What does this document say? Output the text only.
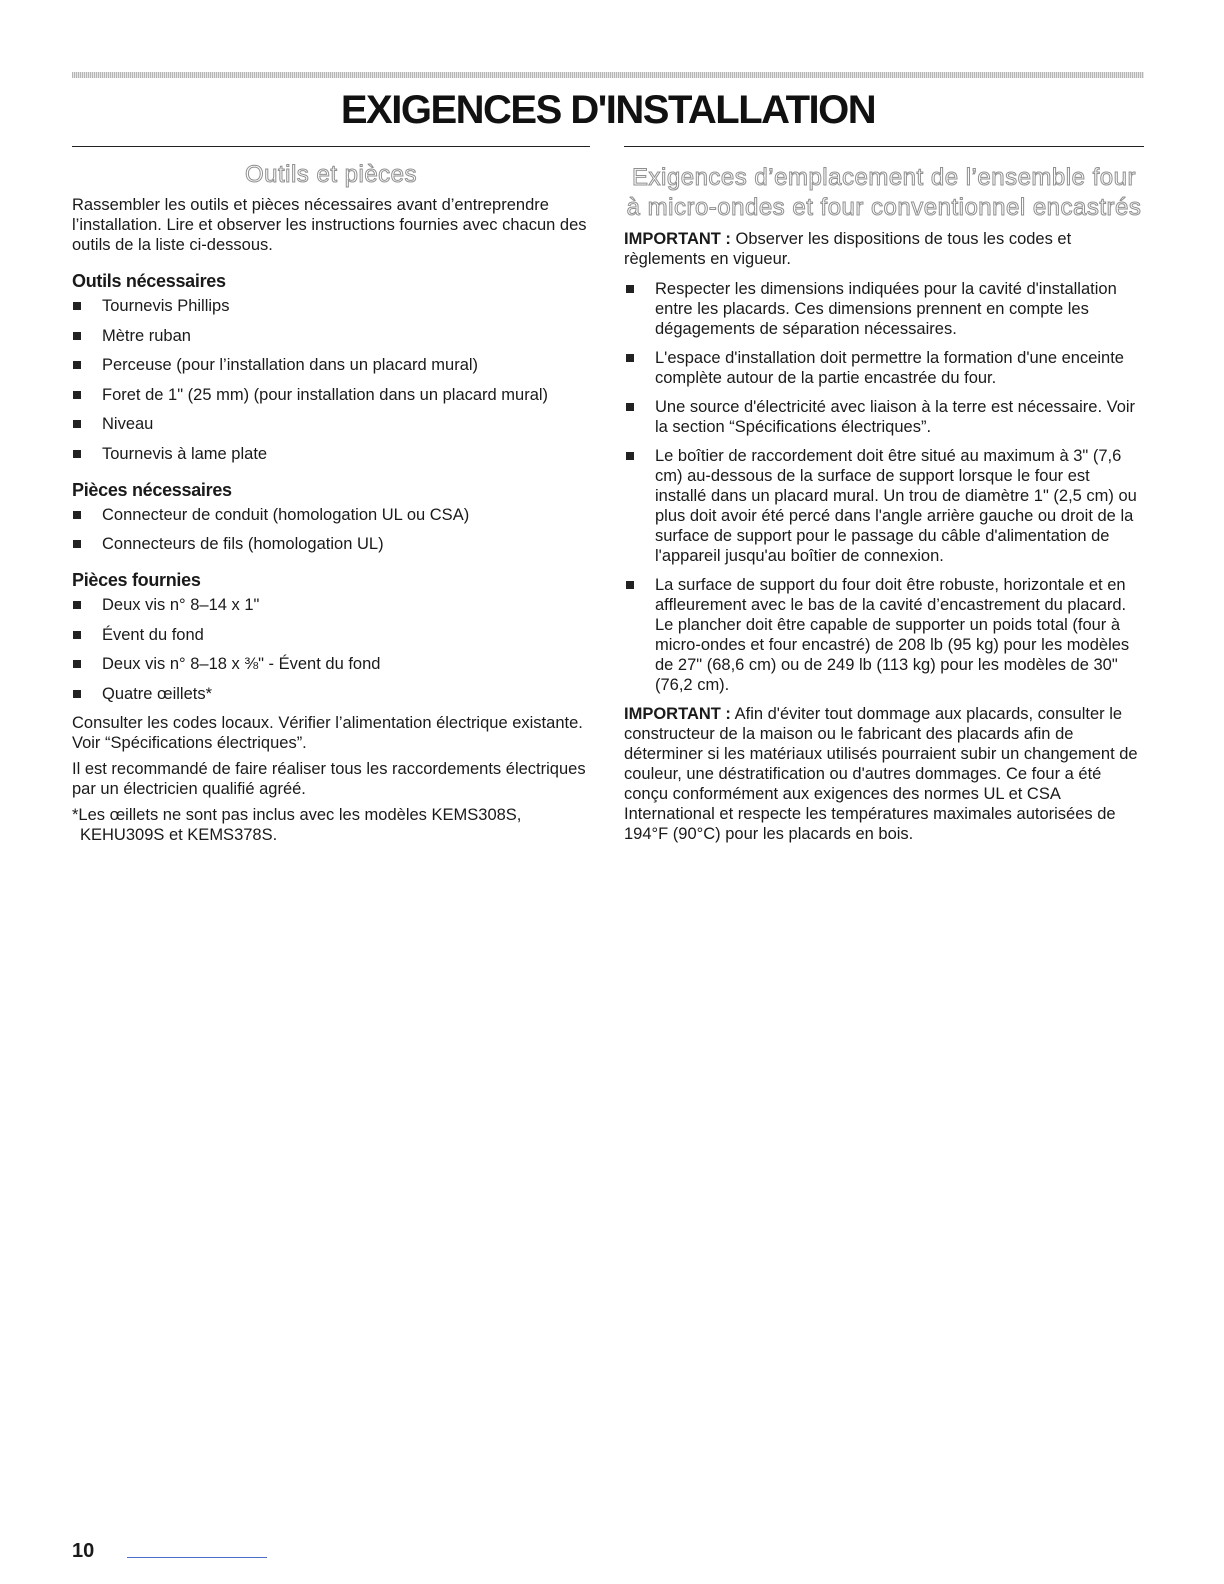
EXIGENCES D'INSTALLATION
Outils et pièces

Rassembler les outils et pièces nécessaires avant d’entreprendre l’installation. Lire et observer les instructions fournies avec chacun des outils de la liste ci-dessous.

Outils nécessaires
Tournevis Phillips
Mètre ruban
Perceuse (pour l’installation dans un placard mural)
Foret de 1" (25 mm) (pour installation dans un placard mural)
Niveau
Tournevis à lame plate
Pièces nécessaires
Connecteur de conduit (homologation UL ou CSA)
Connecteurs de fils (homologation UL)
Pièces fournies
Deux vis n° 8–14 x 1"
Évent du fond
Deux vis n° 8–18 x ⅜" - Évent du fond
Quatre œillets*

Consulter les codes locaux. Vérifier l’alimentation électrique existante. Voir “Spécifications électriques”.

Il est recommandé de faire réaliser tous les raccordements électriques par un électricien qualifié agréé.

*Les œillets ne sont pas inclus avec les modèles KEMS308S, KEHU309S et KEMS378S.

Exigences d’emplacement de l’ensemble four à micro-ondes et four conventionnel encastrés

IMPORTANT : Observer les dispositions de tous les codes et règlements en vigueur.

Respecter les dimensions indiquées pour la cavité d'installation entre les placards. Ces dimensions prennent en compte les dégagements de séparation nécessaires.
L'espace d'installation doit permettre la formation d'une enceinte complète autour de la partie encastrée du four.
Une source d'électricité avec liaison à la terre est nécessaire. Voir la section “Spécifications électriques”.
Le boîtier de raccordement doit être situé au maximum à 3" (7,6 cm) au-dessous de la surface de support lorsque le four est installé dans un placard mural. Un trou de diamètre 1" (2,5 cm) ou plus doit avoir été percé dans l'angle arrière gauche ou droit de la surface de support pour le passage du câble d'alimentation de l'appareil jusqu'au boîtier de connexion.
La surface de support du four doit être robuste, horizontale et en affleurement avec le bas de la cavité d’encastrement du placard. Le plancher doit être capable de supporter un poids total (four à micro-ondes et four encastré) de 208 lb (95 kg) pour les modèles de 27" (68,6 cm) ou de 249 lb (113 kg) pour les modèles de 30" (76,2 cm).

IMPORTANT : Afin d'éviter tout dommage aux placards, consulter le constructeur de la maison ou le fabricant des placards afin de déterminer si les matériaux utilisés pourraient subir un changement de couleur, une déstratification ou d'autres dommages. Ce four a été conçu conformément aux exigences des normes UL et CSA International et respecte les températures maximales autorisées de 194°F (90°C) pour les placards en bois.

10
